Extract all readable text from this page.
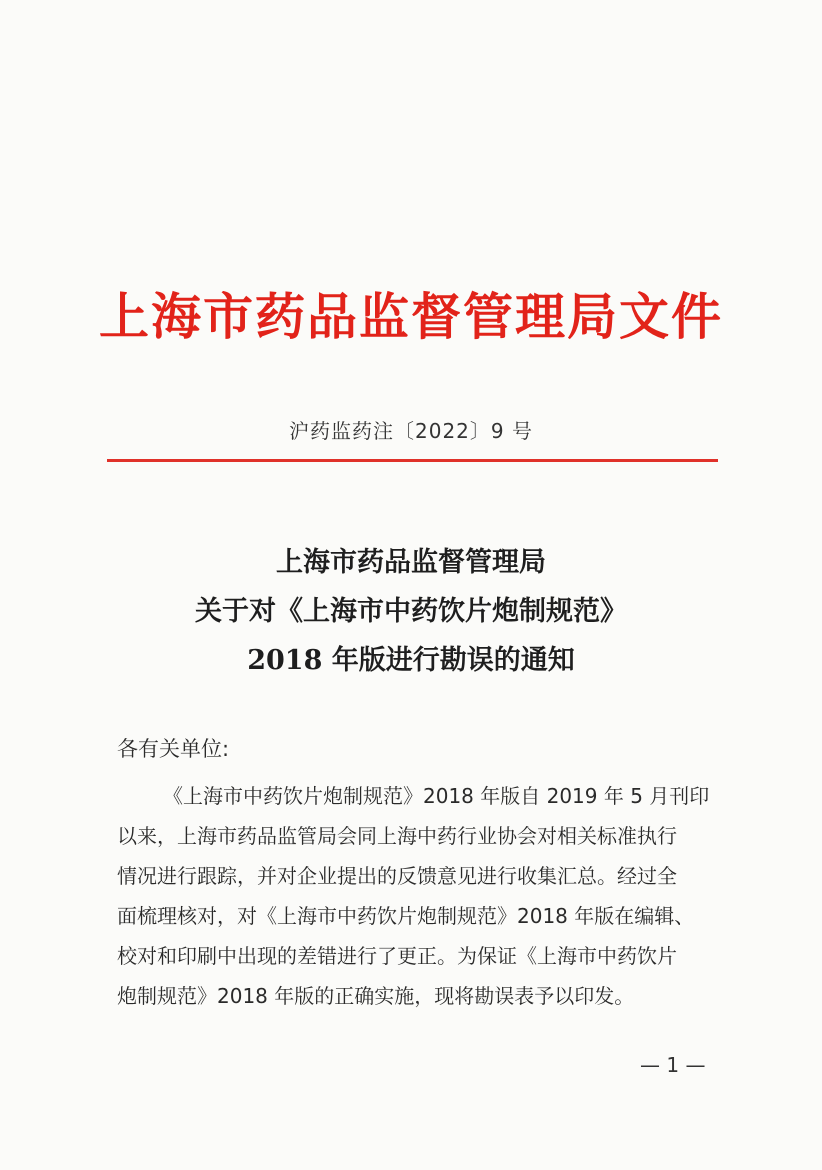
上海市药品监督管理局文件
沪药监药注〔2022〕9 号
上海市药品监督管理局
关于对《上海市中药饮片炮制规范》
2018 年版进行勘误的通知
各有关单位:
《上海市中药饮片炮制规范》2018 年版自 2019 年 5 月刊印
以来，上海市药品监管局会同上海中药行业协会对相关标准执行
情况进行跟踪，并对企业提出的反馈意见进行收集汇总。经过全
面梳理核对，对《上海市中药饮片炮制规范》2018 年版在编辑、
校对和印刷中出现的差错进行了更正。为保证《上海市中药饮片
炮制规范》2018 年版的正确实施，现将勘误表予以印发。
— 1 —
